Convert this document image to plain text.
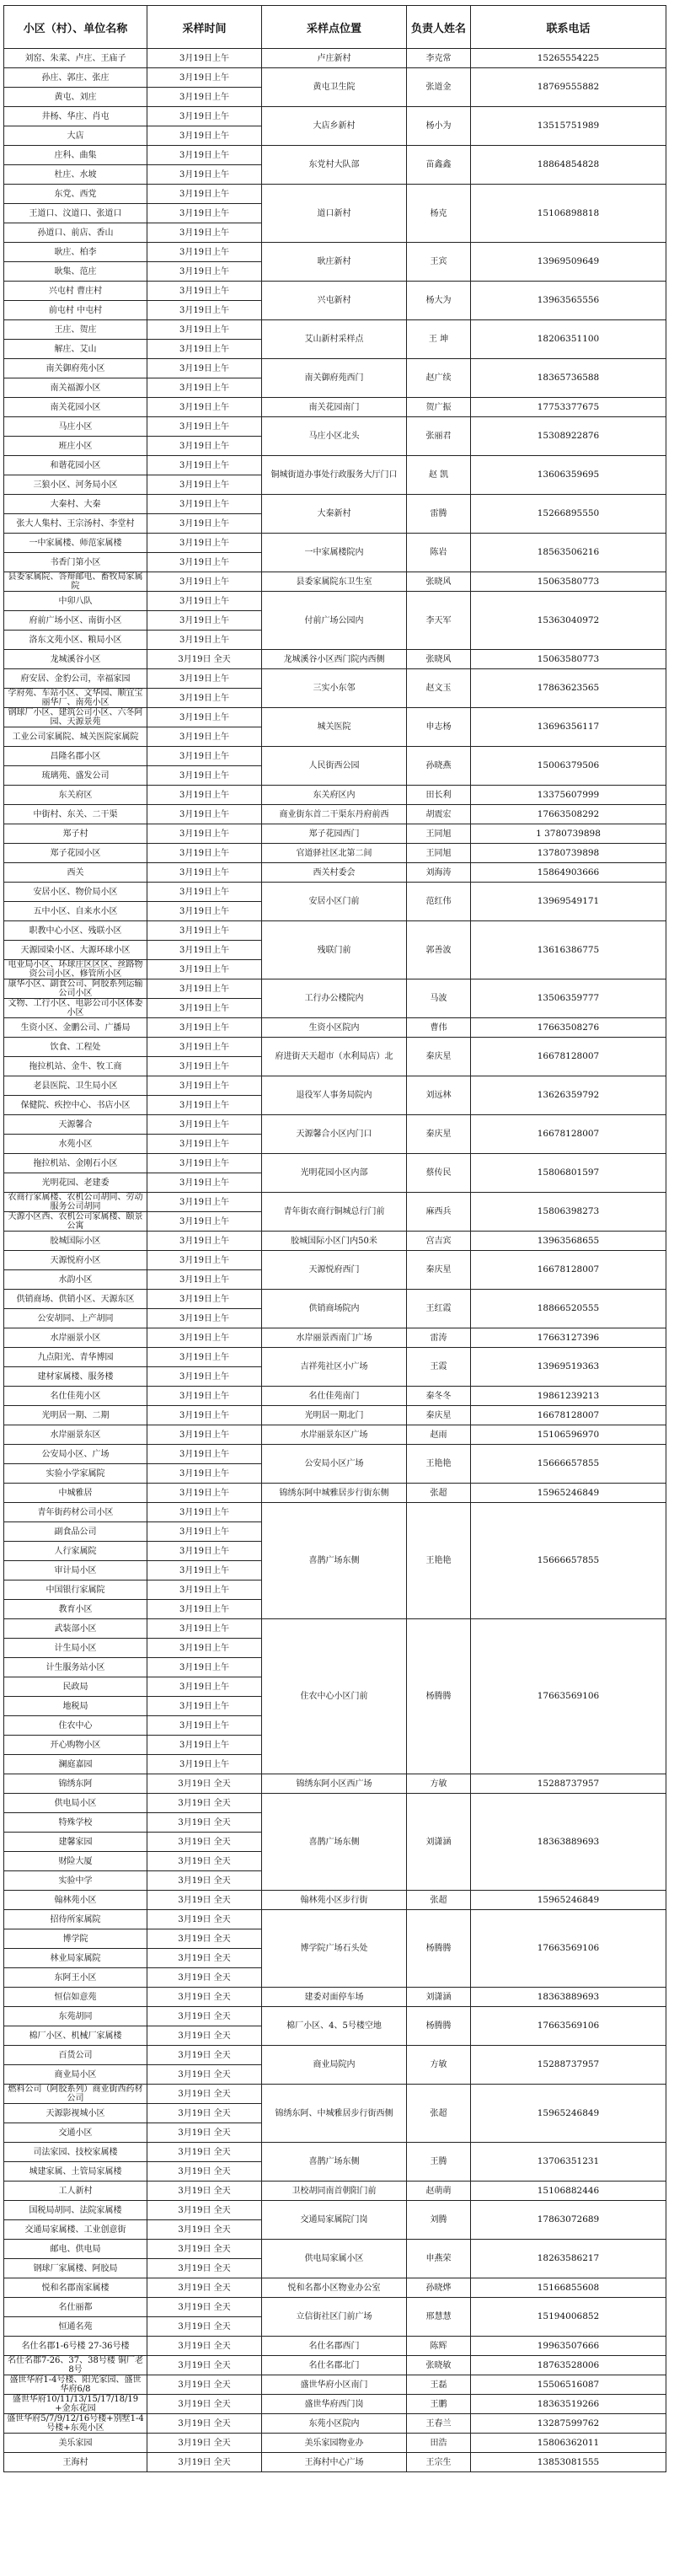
小区（村）、单位名称	采样时间	采样点位置	负责人姓名	联系电话
刘窑、朱菜、卢庄、王庙子	3月19日上午	卢庄新村	李克常	15265554225
孙庄、郭庄、张庄	3月19日上午	黄屯卫生院	张道金	18769555882
黄屯、刘庄	3月19日上午			
井杨、华庄、肖屯	3月19日上午	大店乡新村	杨小为	13515751989
大店	3月19日上午			
庄科、曲集	3月19日上午	东党村大队部	苗鑫鑫	18864854828
杜庄、水坡	3月19日上午			
东党、西党	3月19日上午	道口新村	杨克	15106898818
王道口、汶道口、张道口	3月19日上午			
孙道口、前店、香山	3月19日上午			
耿庄、柏李	3月19日上午	耿庄新村	王宾	13969509649
耿集、范庄	3月19日上午			
兴屯村 曹庄村	3月19日上午	兴屯新村	杨大为	13963565556
前屯村 中屯村	3月19日上午			
王庄、贺庄	3月19日上午	艾山新村采样点	王 坤	18206351100
解庄、艾山	3月19日上午			
南关御府苑小区	3月19日上午	南关御府苑西门	赵广续	18365736588
南关福源小区	3月19日上午			
南关花园小区	3月19日上午	南关花园南门	贺广振	17753377675
马庄小区	3月19日上午	马庄小区北头	张丽君	15308922876
班庄小区	3月19日上午			
和谐花园小区	3月19日上午	铜城街道办事处行政服务大厅门口	赵 凯	13606359695
三狼小区、河务局小区	3月19日上午			
大秦村、大秦	3月19日上午	大秦新村	雷腾	15266895550
张大人集村、王宗汤村、李堂村	3月19日上午			
一中家属楼、师范家属楼	3月19日上午	一中家属楼院内	陈岩	18563506216
书香门第小区	3月19日上午			
县委家属院、答辩邮电、畜牧局家属院	3月19日上午	县委家属院东卫生室	张晓风	15063580773
中卯八队	3月19日上午	付前广场公园内	李天军	15363040972
府前广场小区、南街小区	3月19日上午			
洛东文苑小区、粮局小区	3月19日上午			
龙城溪谷小区	3月19日 全天	龙城溪谷小区西门院内西侧	张晓风	15063580773
府安居、金豹公司，幸福家园	3月19日上午	三实小东邻	赵文玉	17863623565
学府苑、车站小区、文华园、顺宜宝丽华厂、南苑小区	3月19日上午			
钢球厂小区、建筑公司小区、六冬阿园、天源景苑	3月19日上午	城关医院	申志杨	13696356117
工业公司家属院、城关医院家属院	3月19日上午			
昌隆名郡小区	3月19日上午	人民街西公园	孙晓燕	15006379506
琉璃苑、盛发公司	3月19日上午			
东关府区	3月19日上午	东关府区内	田长利	13375607999
中街村、东关、二干渠	3月19日上午	商业街东首二干渠东丹府前西	胡震宏	17663508292
郑子村	3月19日上午	郑子花园西门	王同旭	1 3780739898
郑子花园小区	3月19日上午	官道驿社区北第二间	王同旭	13780739898
西关	3月19日上午	西关村委会	刘海涛	15864903666
安居小区、物价局小区	3月19日上午	安居小区门前	范红伟	13969549171
五中小区、自来水小区	3月19日上午			
职教中心小区、残联小区	3月19日上午	残联门前	郭善波	13616386775
天源园染小区、大源环球小区	3月19日上午			
电业局小区、环球庄区区区、丝路物资公司小区、修管所小区	3月19日上午			
康华小区、副食公司、阿胶系列运输公司小区	3月19日上午	工行办公楼院内	马波	13506359777
文物、工行小区、电影公司小区体委小区	3月19日上午			
生资小区、金鹏公司、广播局	3月19日上午	生资小区院内	曹伟	17663508276
饮食、工程处	3月19日上午	府进街天天超市（水利局店）北	秦庆星	16678128007
拖拉机站、金牛、牧工商	3月19日上午			
老县医院、卫生局小区	3月19日上午	退役军人事务局院内	刘远林	13626359792
保健院、疾控中心、书店小区	3月19日上午			
天源馨合	3月19日上午	天源馨合小区内门口	秦庆星	16678128007
水苑小区	3月19日上午			
拖拉机站、金刚石小区	3月19日上午	光明花园小区内部	蔡传民	15806801597
光明花园、老建委	3月19日上午			
农商行家属楼、农机公司胡同、劳动服务公司胡同	3月19日上午	青年街农商行铜城总行门前	麻西兵	15806398273
天源小区西、农机公司家属楼、颐景公寓	3月19日上午			
胶城国际小区	3月19日上午	胶城国际小区门内50米	宫吉宾	13963568655
天源悦府小区	3月19日上午	天源悦府西门	秦庆星	16678128007
水韵小区	3月19日上午			
供销商场、供销小区、天源东区	3月19日上午	供销商场院内	王红霞	18866520555
公安胡同、上产胡同	3月19日上午			
水岸丽景小区	3月19日上午	水岸丽景西南门广场	雷涛	17663127396
九点阳光、青华博园	3月19日上午	吉祥苑社区小广场	王霞	13969519363
建材家属楼、服务楼	3月19日上午			
名仕佳苑小区	3月19日上午	名仕佳苑南门	秦冬冬	19861239213
光明居一期、二期	3月19日上午	光明居一期北门	秦庆星	16678128007
水岸丽景东区	3月19日上午	水岸丽景东区广场	赵雨	15106596970
公安局小区、广场	3月19日上午	公安局小区广场	王艳艳	15666657855
实验小学家属院	3月19日上午			
中城雅居	3月19日上午	锦绣东阿中城雅居步行街东侧	张超	15965246849
青年街药材公司小区	3月19日上午	喜鹊广场东侧	王艳艳	15666657855
副食品公司	3月19日上午			
人行家属院	3月19日上午			
审计局小区	3月19日上午			
中国银行家属院	3月19日上午			
教育小区	3月19日上午			
武装部小区	3月19日上午	住农中心小区门前	杨腾腾	17663569106
计生局小区	3月19日上午			
计生服务站小区	3月19日上午			
民政局	3月19日上午			
地税局	3月19日上午			
住农中心	3月19日上午			
开心购物小区	3月19日上午			
澜庭嘉园	3月19日上午			
锦绣东阿	3月19日 全天	锦绣东阿小区西广场	方敏	15288737957
供电局小区	3月19日 全天	喜鹊广场东侧	刘潇涵	18363889693
特殊学校	3月19日 全天			
建馨家园	3月19日 全天			
财险大厦	3月19日 全天			
实验中学	3月19日 全天			
翰林苑小区	3月19日 全天	翰林苑小区步行街	张超	15965246849
招待所家属院	3月19日 全天	博学院广场石头处	杨腾腾	17663569106
博学院	3月19日 全天			
林业局家属院	3月19日 全天			
东阿王小区	3月19日 全天			
恒信如意苑	3月19日 全天	建委对面停车场	刘潇涵	18363889693
东苑胡同	3月19日 全天	棉厂小区、4、5号楼空地	杨腾腾	17663569106
棉厂小区、机械厂家属楼	3月19日 全天			
百货公司	3月19日 全天	商业局院内	方敏	15288737957
商业局小区	3月19日 全天			
燃料公司（阿胶系列）商业街西药材公司	3月19日 全天	锦绣东阿、中城雅居步行街西侧	张超	15965246849
天源影视城小区	3月19日 全天			
交通小区	3月19日 全天			
司法家园、技校家属楼	3月19日 全天	喜鹊广场东侧	王腾	13706351231
城建家属、土管局家属楼	3月19日 全天			
工人新村	3月19日 全天	卫校胡同南首朝阳门前	赵萌萌	15106882446
国税局胡同、法院家属楼	3月19日 全天	交通局家属院门岗	刘腾	17863072689
交通局家属楼、工业创意街	3月19日 全天			
邮电、供电局	3月19日 全天	供电局家属小区	申燕荣	18263586217
钢球厂家属楼、阿胶局	3月19日 全天			
悦和名郡南家属楼	3月19日 全天	悦和名都小区物业办公室	孙晓烨	15166855608
名仕丽都	3月19日 全天	立信街社区门前广场	邢慧慧	15194006852
恒通名苑	3月19日 全天			
名仕名郡1-6号楼 27-36号楼	3月19日 全天	名仕名郡西门	陈辉	19963507666
名仕名郡7-26、37、38号楼 铜厂老8号	3月19日 全天	名仕名郡北门	张晓敏	18763528006
盛世华府1-4号楼、阳光家园、盛世华府6/8	3月19日 全天	盛世华府小区南门	王磊	15506516087
盛世华府10/11/13/15/17/18/19+金东花园	3月19日 全天	盛世华府西门岗	王鹏	18363519266
盛世华府5/7/9/12/16号楼+别墅1-4号楼+东苑小区	3月19日 全天	东苑小区院内	王春兰	13287599762
美乐家园	3月19日 全天	美乐家园物业办	田浩	15806362011
王海村	3月19日 全天	王海村中心广场	王宗生	13853081555
